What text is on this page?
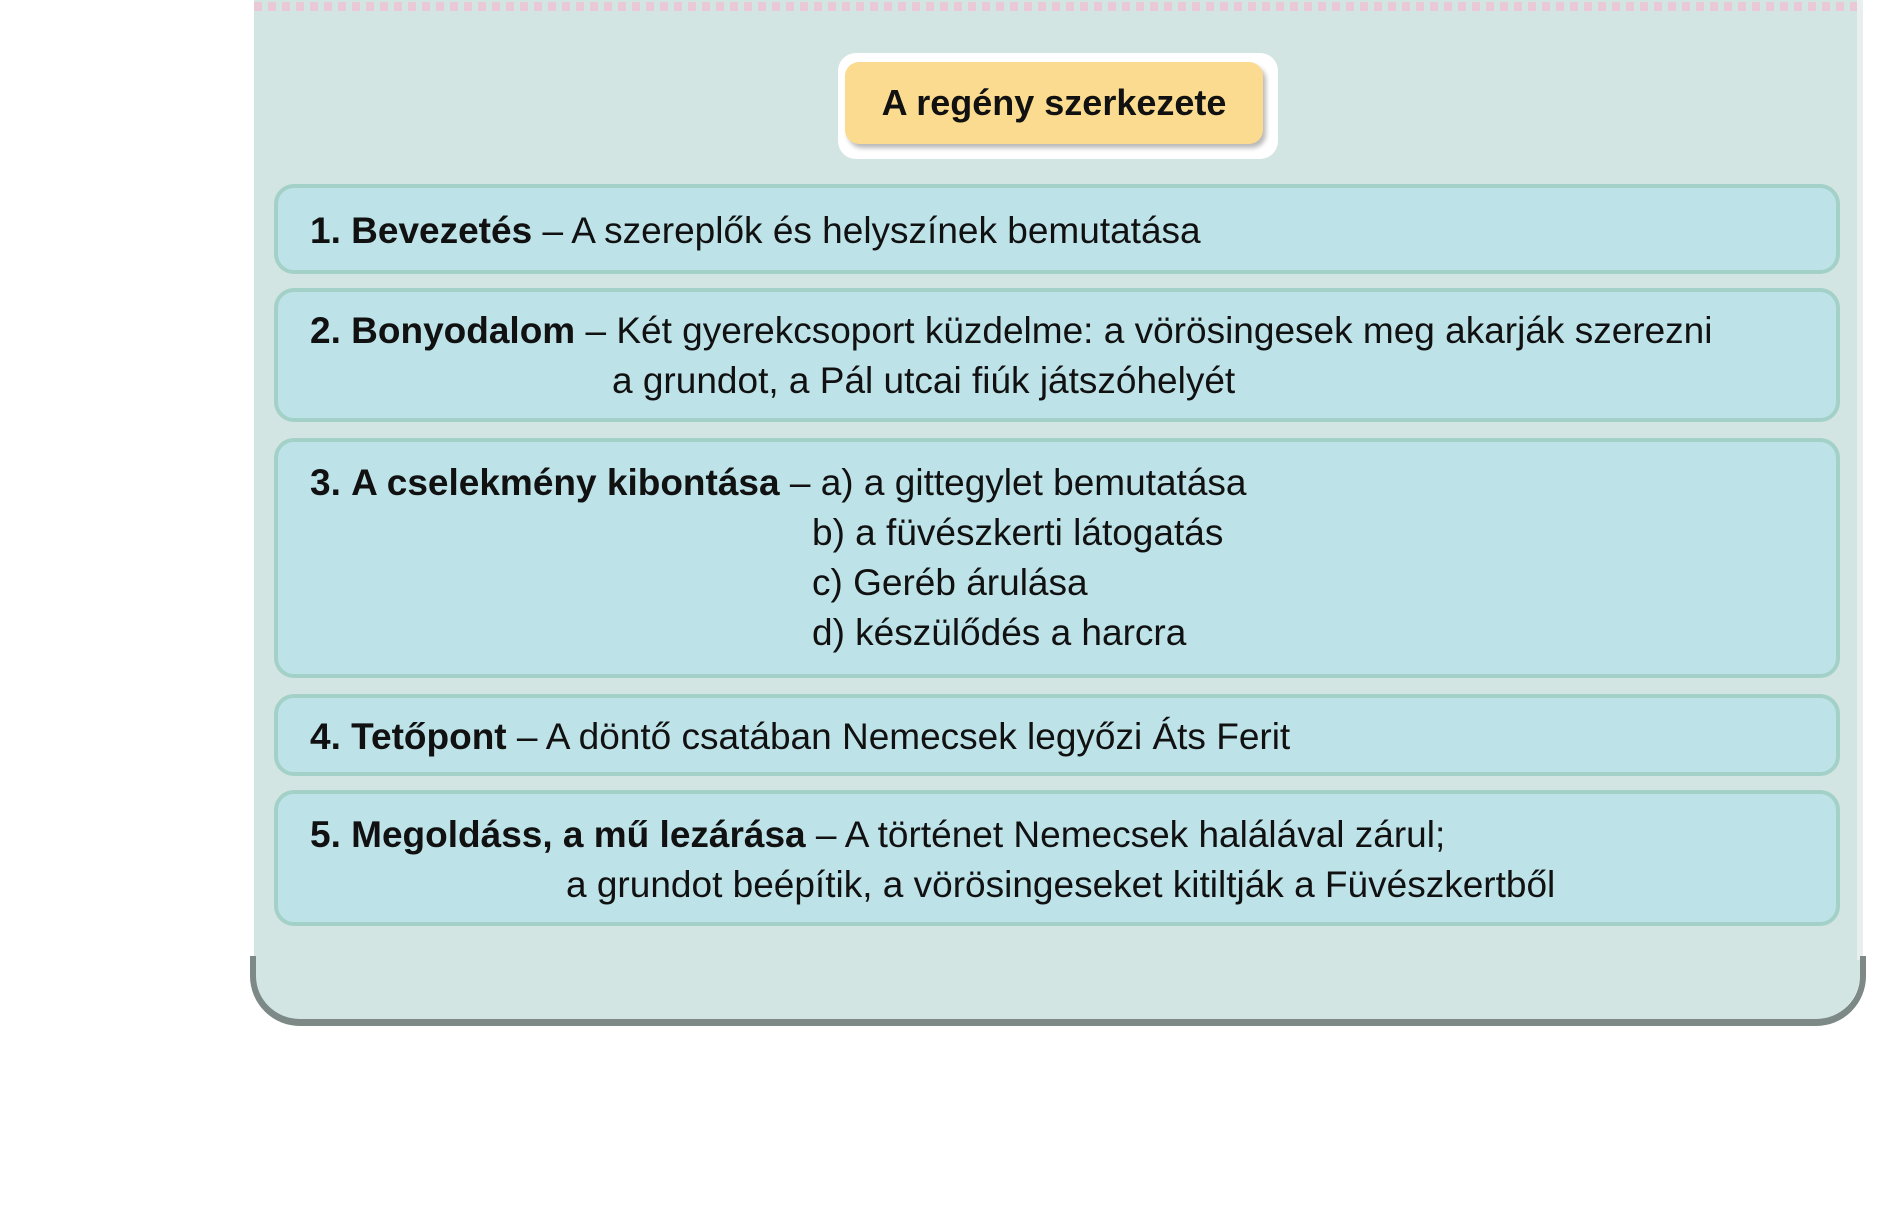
A regény szerkezete
1. Bevezetés – A szereplők és helyszínek bemutatása
2. Bonyodalom – Két gyerekcsoport küzdelme: a vörösingesek meg akarják szerezni
a grundot, a Pál utcai fiúk játszóhelyét
3. A cselekmény kibontása – a) a gittegylet bemutatása
b) a füvészkerti látogatás
c) Geréb árulása
d) készülődés a harcra
4. Tetőpont – A döntő csatában Nemecsek legyőzi Áts Ferit
5. Megoldáss, a mű lezárása – A történet Nemecsek halálával zárul;
a grundot beépítik, a vörösingeseket kitiltják a Füvészkertből
